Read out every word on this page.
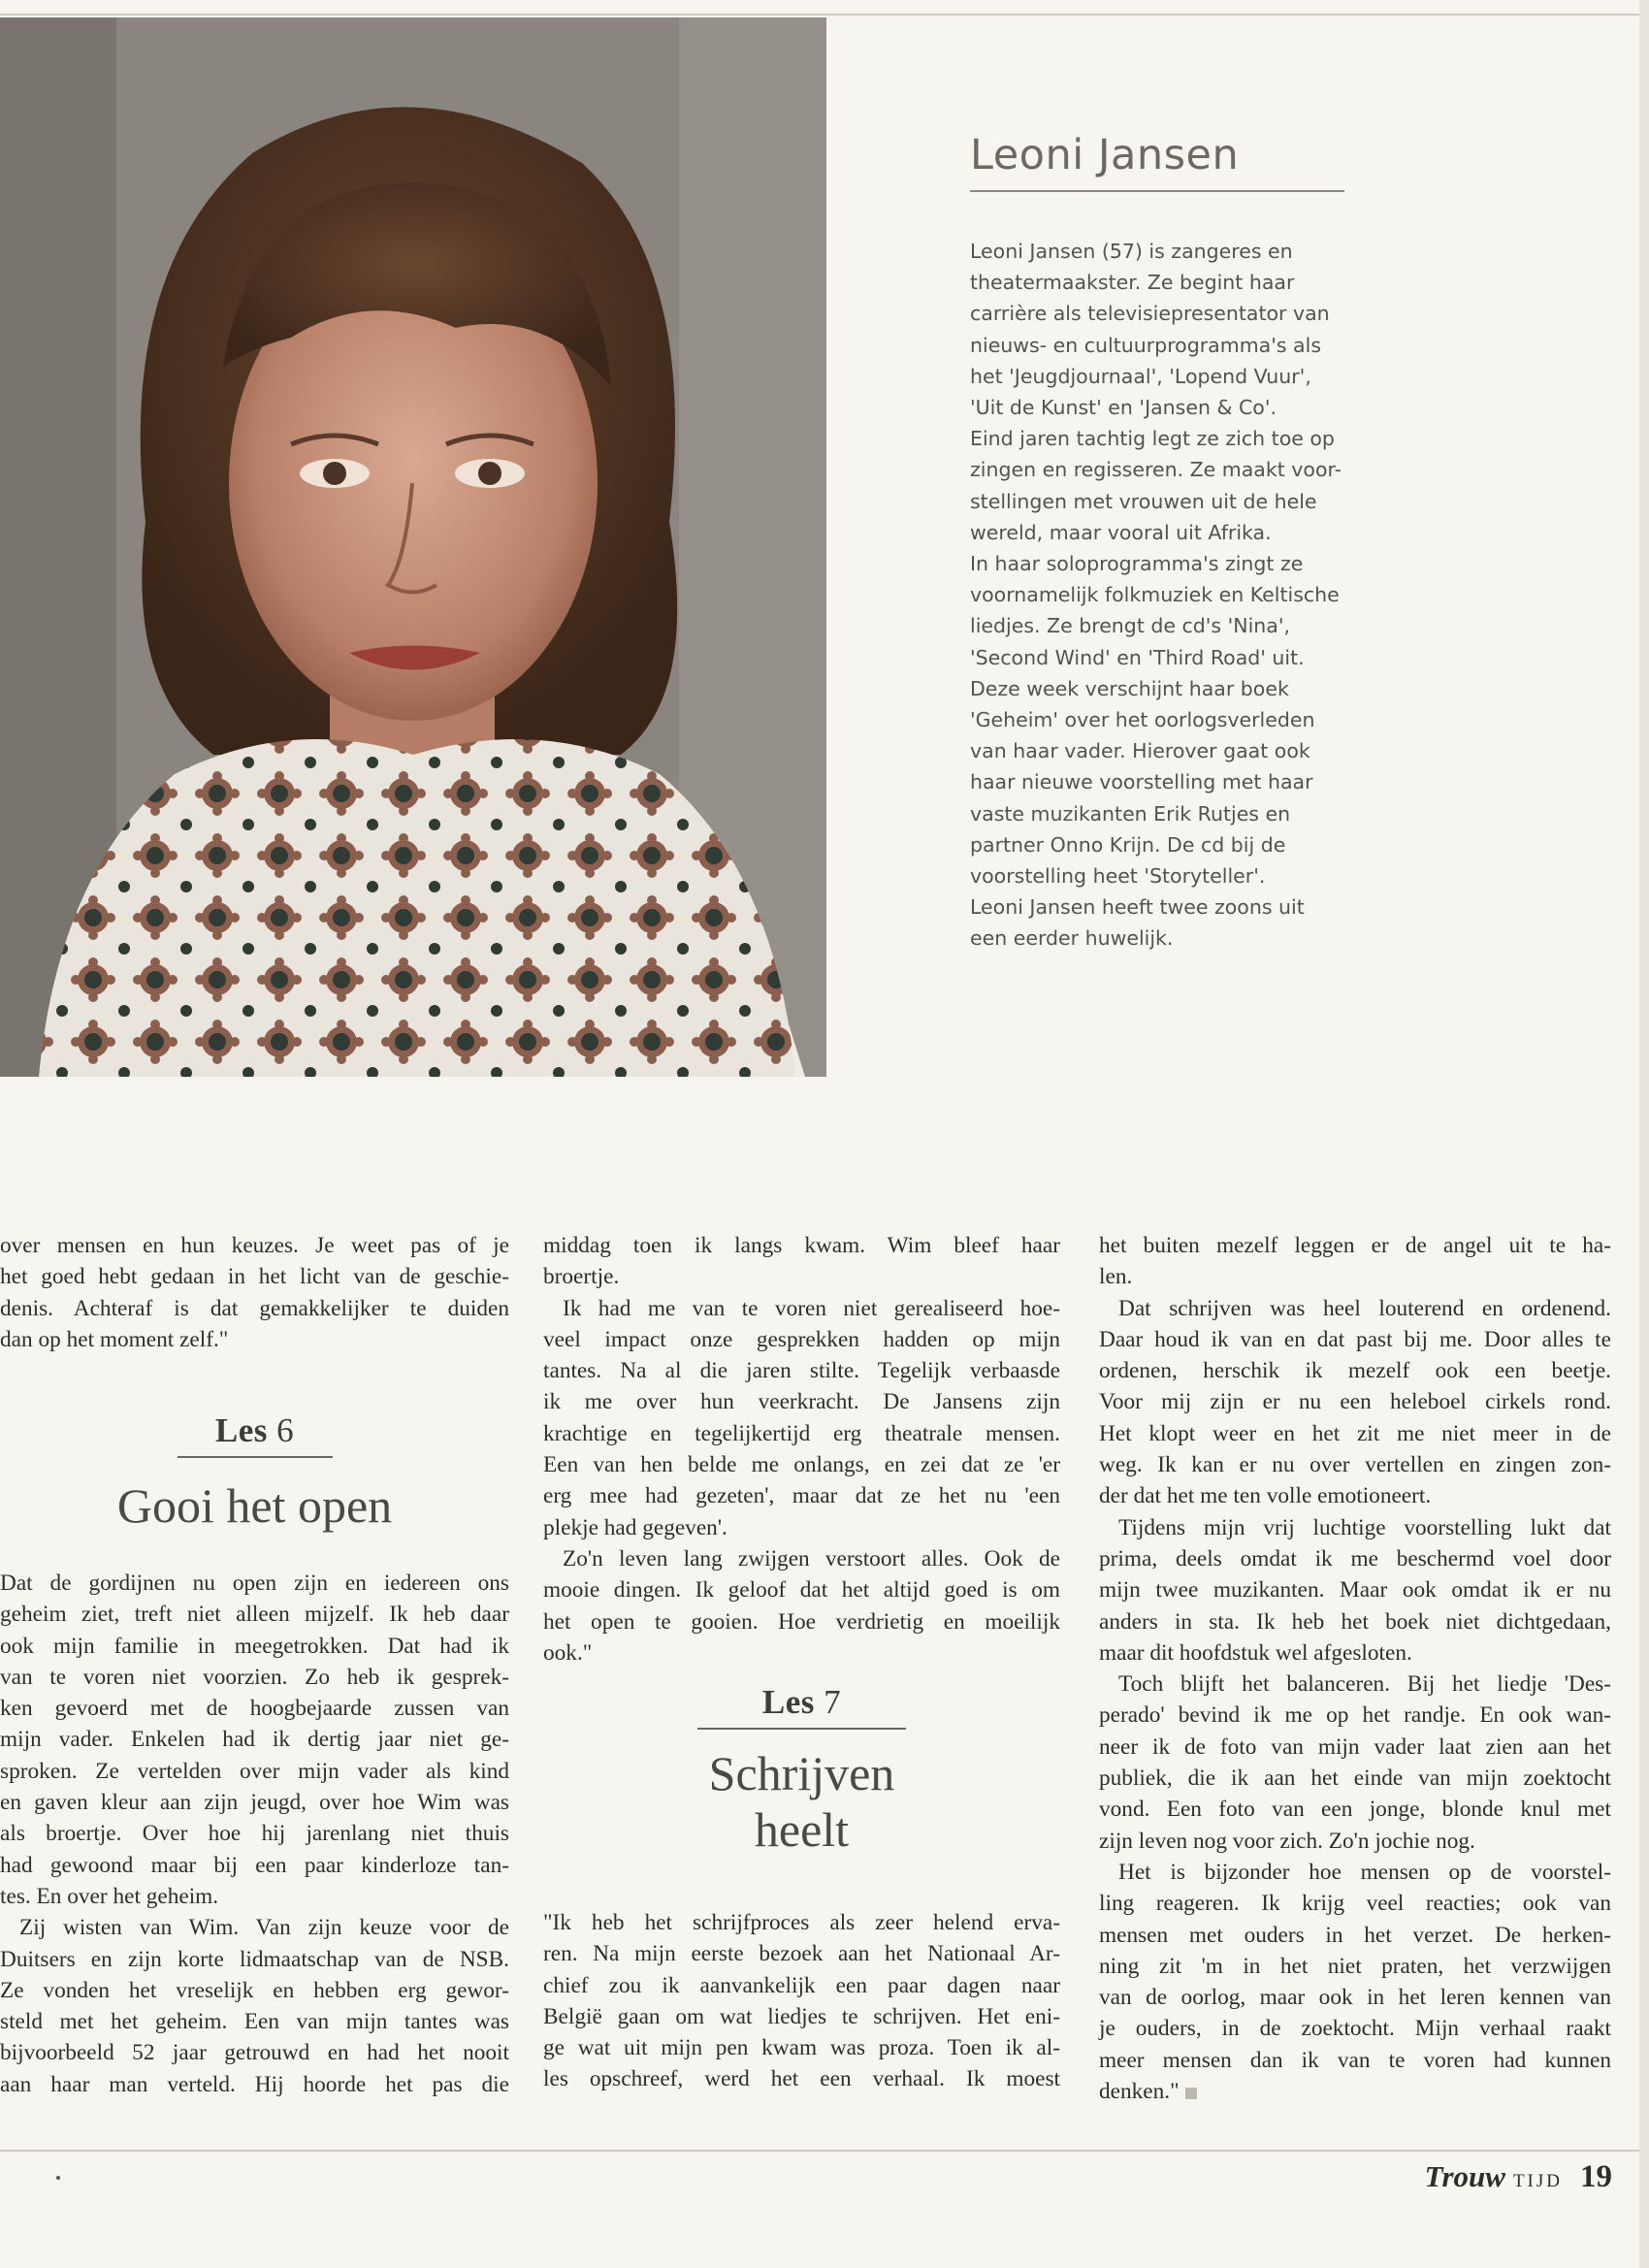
Leoni Jansen
Leoni Jansen (57) is zangeres en
theatermaakster. Ze begint haar
carrière als televisiepresentator van
nieuws- en cultuurprogramma's als
het 'Jeugdjournaal', 'Lopend Vuur',
'Uit de Kunst' en 'Jansen & Co'.
Eind jaren tachtig legt ze zich toe op
zingen en regisseren. Ze maakt voor-
stellingen met vrouwen uit de hele
wereld, maar vooral uit Afrika.
In haar soloprogramma's zingt ze
voornamelijk folkmuziek en Keltische
liedjes. Ze brengt de cd's 'Nina',
'Second Wind' en 'Third Road' uit.
Deze week verschijnt haar boek
'Geheim' over het oorlogsverleden
van haar vader. Hierover gaat ook
haar nieuwe voorstelling met haar
vaste muzikanten Erik Rutjes en
partner Onno Krijn. De cd bij de
voorstelling heet 'Storyteller'.
Leoni Jansen heeft twee zoons uit
een eerder huwelijk.
over mensen en hun keuzes. Je weet pas of je
het goed hebt gedaan in het licht van de geschie-
denis. Achteraf is dat gemakkelijker te duiden
dan op het moment zelf."
Les 6
Gooi het open
Dat de gordijnen nu open zijn en iedereen ons
geheim ziet, treft niet alleen mijzelf. Ik heb daar
ook mijn familie in meegetrokken. Dat had ik
van te voren niet voorzien. Zo heb ik gesprek-
ken gevoerd met de hoogbejaarde zussen van
mijn vader. Enkelen had ik dertig jaar niet ge-
sproken. Ze vertelden over mijn vader als kind
en gaven kleur aan zijn jeugd, over hoe Wim was
als broertje. Over hoe hij jarenlang niet thuis
had gewoond maar bij een paar kinderloze tan-
tes. En over het geheim.
Zij wisten van Wim. Van zijn keuze voor de
Duitsers en zijn korte lidmaatschap van de NSB.
Ze vonden het vreselijk en hebben erg gewor-
steld met het geheim. Een van mijn tantes was
bijvoorbeeld 52 jaar getrouwd en had het nooit
aan haar man verteld. Hij hoorde het pas die
middag toen ik langs kwam. Wim bleef haar
broertje.
Ik had me van te voren niet gerealiseerd hoe-
veel impact onze gesprekken hadden op mijn
tantes. Na al die jaren stilte. Tegelijk verbaasde
ik me over hun veerkracht. De Jansens zijn
krachtige en tegelijkertijd erg theatrale mensen.
Een van hen belde me onlangs, en zei dat ze 'er
erg mee had gezeten', maar dat ze het nu 'een
plekje had gegeven'.
Zo'n leven lang zwijgen verstoort alles. Ook de
mooie dingen. Ik geloof dat het altijd goed is om
het open te gooien. Hoe verdrietig en moeilijk
ook."
Les 7
Schrijven
heelt
"Ik heb het schrijfproces als zeer helend erva-
ren. Na mijn eerste bezoek aan het Nationaal Ar-
chief zou ik aanvankelijk een paar dagen naar
België gaan om wat liedjes te schrijven. Het eni-
ge wat uit mijn pen kwam was proza. Toen ik al-
les opschreef, werd het een verhaal. Ik moest
het buiten mezelf leggen er de angel uit te ha-
len.
Dat schrijven was heel louterend en ordenend.
Daar houd ik van en dat past bij me. Door alles te
ordenen, herschik ik mezelf ook een beetje.
Voor mij zijn er nu een heleboel cirkels rond.
Het klopt weer en het zit me niet meer in de
weg. Ik kan er nu over vertellen en zingen zon-
der dat het me ten volle emotioneert.
Tijdens mijn vrij luchtige voorstelling lukt dat
prima, deels omdat ik me beschermd voel door
mijn twee muzikanten. Maar ook omdat ik er nu
anders in sta. Ik heb het boek niet dichtgedaan,
maar dit hoofdstuk wel afgesloten.
Toch blijft het balanceren. Bij het liedje 'Des-
perado' bevind ik me op het randje. En ook wan-
neer ik de foto van mijn vader laat zien aan het
publiek, die ik aan het einde van mijn zoektocht
vond. Een foto van een jonge, blonde knul met
zijn leven nog voor zich. Zo'n jochie nog.
Het is bijzonder hoe mensen op de voorstel-
ling reageren. Ik krijg veel reacties; ook van
mensen met ouders in het verzet. De herken-
ning zit 'm in het niet praten, het verzwijgen
van de oorlog, maar ook in het leren kennen van
je ouders, in de zoektocht. Mijn verhaal raakt
meer mensen dan ik van te voren had kunnen
denken."
Trouw TIJD 19
